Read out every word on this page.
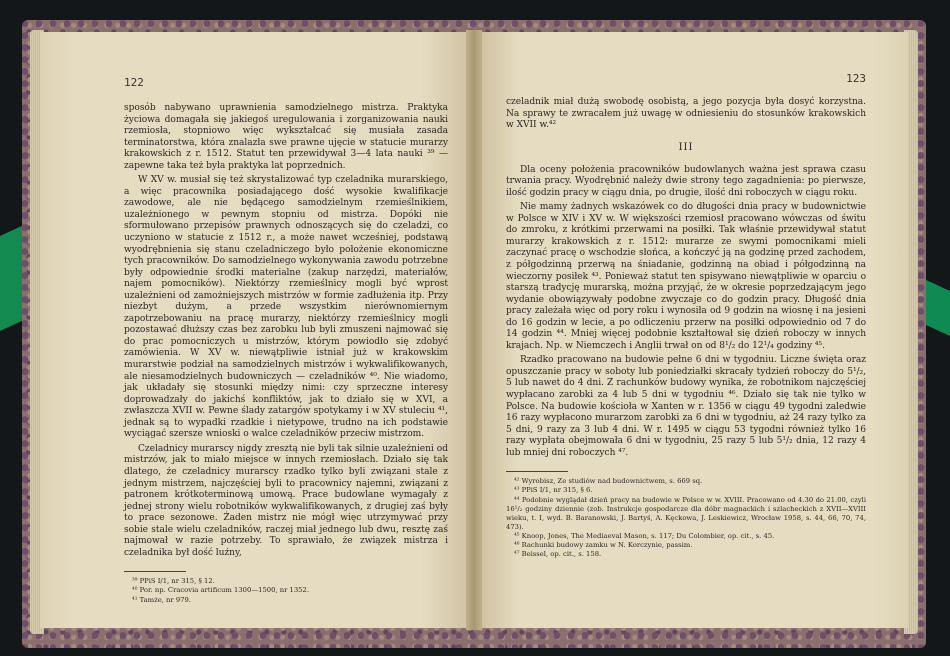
122

sposób nabywano uprawnienia samodzielnego mistrza. Praktyka życiowa domagała się jakiegoś uregulowania i zorganizowania nauki rzemiosła, stopniowo więc wykształcać się musiała zasada terminatorstwa, która znalazła swe prawne ujęcie w statucie murarzy krakowskich z r. 1512. Statut ten przewidywał 3—4 lata nauki ³⁹ — zapewne taka też była praktyka lat poprzednich.

W XV w. musiał się też skrystalizować typ czeladnika murarskiego, a więc pracownika posiadającego dość wysokie kwalifikacje zawodowe, ale nie będącego samodzielnym rzemieślnikiem, uzależnionego w pewnym stopniu od mistrza. Dopóki nie sformułowano przepisów prawnych odnoszących się do czeladzi, co uczyniono w statucie z 1512 r., a może nawet wcześniej, podstawą wyodrębnienia się stanu czeladniczego było położenie ekonomiczne tych pracowników. Do samodzielnego wykonywania zawodu potrzebne były odpowiednie środki materialne (zakup narzędzi, materiałów, najem pomocników). Niektórzy rzemieślnicy mogli być wprost uzależnieni od zamożniejszych mistrzów w formie zadłużenia itp. Przy niezbyt dużym, a przede wszystkim nierównomiernym zapotrzebowaniu na pracę murarzy, niektórzy rzemieślnicy mogli pozostawać dłuższy czas bez zarobku lub byli zmuszeni najmować się do prac pomocniczych u mistrzów, którym powiodło się zdobyć zamówienia. W XV w. niewątpliwie istniał już w krakowskim murarstwie podział na samodzielnych mistrzów i wykwalifikowanych, ale niesamodzielnych budowniczych — czeladników ⁴⁰. Nie wiadomo, jak układały się stosunki między nimi: czy sprzeczne interesy doprowadzały do jakichś konfliktów, jak to działo się w XVI, a zwłaszcza XVII w. Pewne ślady zatargów spotykamy i w XV stuleciu ⁴¹, jednak są to wypadki rzadkie i nietypowe, trudno na ich podstawie wyciągać szersze wnioski o walce czeladników przeciw mistrzom.

Czeladnicy murarscy nigdy zresztą nie byli tak silnie uzależnieni od mistrzów, jak to miało miejsce w innych rzemiosłach. Działo się tak dlatego, że czeladnicy murarscy rzadko tylko byli związani stale z jednym mistrzem, najczęściej byli to pracownicy najemni, związani z patronem krótkoterminową umową. Prace budowlane wymagały z jednej strony wielu robotników wykwalifikowanych, z drugiej zaś były to prace sezonowe. Żaden mistrz nie mógł więc utrzymywać przy sobie stale wielu czeladników, raczej miał jednego lub dwu, resztę zaś najmował w razie potrzeby. To sprawiało, że związek mistrza i czeladnika był dość luźny,

³⁹ PPiS I/1, nr 315, § 12.

⁴⁰ Por. np. Cracovia artificum 1300—1500, nr 1352.

⁴¹ Tamże, nr 979.

123

czeladnik miał dużą swobodę osobistą, a jego pozycja była dosyć korzystna. Na sprawy te zwracałem już uwagę w odniesieniu do stosunków krakowskich w XVII w.⁴²

III

Dla oceny położenia pracowników budowlanych ważna jest sprawa czasu trwania pracy. Wyodrębnić należy dwie strony tego zagadnienia: po pierwsze, ilość godzin pracy w ciągu dnia, po drugie, ilość dni roboczych w ciągu roku.

Nie mamy żadnych wskazówek co do długości dnia pracy w budownictwie w Polsce w XIV i XV w. W większości rzemiosł pracowano wówczas od świtu do zmroku, z krótkimi przerwami na posiłki. Tak właśnie przewidywał statut murarzy krakowskich z r. 1512: murarze ze swymi pomocnikami mieli zaczynać pracę o wschodzie słońca, a kończyć ją na godzinę przed zachodem, z półgodzinną przerwą na śniadanie, godzinną na obiad i półgodzinną na wieczorny posiłek ⁴³. Ponieważ statut ten spisywano niewątpliwie w oparciu o starszą tradycję murarską, można przyjąć, że w okresie poprzedzającym jego wydanie obowiązywały podobne zwyczaje co do godzin pracy. Długość dnia pracy zależała więc od pory roku i wynosiła od 9 godzin na wiosnę i na jesieni do 16 godzin w lecie, a po odliczeniu przerw na posiłki odpowiednio od 7 do 14 godzin ⁴⁴. Mniej więcej podobnie kształtował się dzień roboczy w innych krajach. Np. w Niemczech i Anglii trwał on od 8¹/₂ do 12¹/₄ godziny ⁴⁵.

Rzadko pracowano na budowie pełne 6 dni w tygodniu. Liczne święta oraz opuszczanie pracy w soboty lub poniedziałki skracały tydzień roboczy do 5¹/₂, 5 lub nawet do 4 dni. Z rachunków budowy wynika, że robotnikom najczęściej wypłacano zarobki za 4 lub 5 dni w tygodniu ⁴⁶. Działo się tak nie tylko w Polsce. Na budowie kościoła w Xanten w r. 1356 w ciągu 49 tygodni zaledwie 16 razy wypłacono murarzom zarobki za 6 dni w tygodniu, aż 24 razy tylko za 5 dni, 9 razy za 3 lub 4 dni. W r. 1495 w ciągu 53 tygodni również tylko 16 razy wypłata obejmowała 6 dni w tygodniu, 25 razy 5 lub 5¹/₂ dnia, 12 razy 4 lub mniej dni roboczych ⁴⁷.

⁴² Wyrobisz, Ze studiów nad budownictwem, s. 669 sq.

⁴³ PPiS I/1, nr 315, § 6.

⁴⁴ Podobnie wyglądał dzień pracy na budowie w Polsce w w. XVIII. Pracowano od 4.30 do 21.00, czyli 16¹/₂ godziny dziennie (zob. Instrukcje gospodarcze dla dóbr magnackich i szlacheckich z XVII—XVIII wieku, t. I, wyd. B. Baranowski, J. Bartyś, A. Kęckowa, J. Leskiewicz, Wrocław 1958, s. 44, 66, 70, 74, 473).

⁴⁵ Knoop, Jones, The Mediaeval Mason, s. 117; Du Colombier, op. cit., s. 45.

⁴⁶ Rachunki budowy zamku w N. Korczynie, passim.

⁴⁷ Beissel, op. cit., s. 158.
